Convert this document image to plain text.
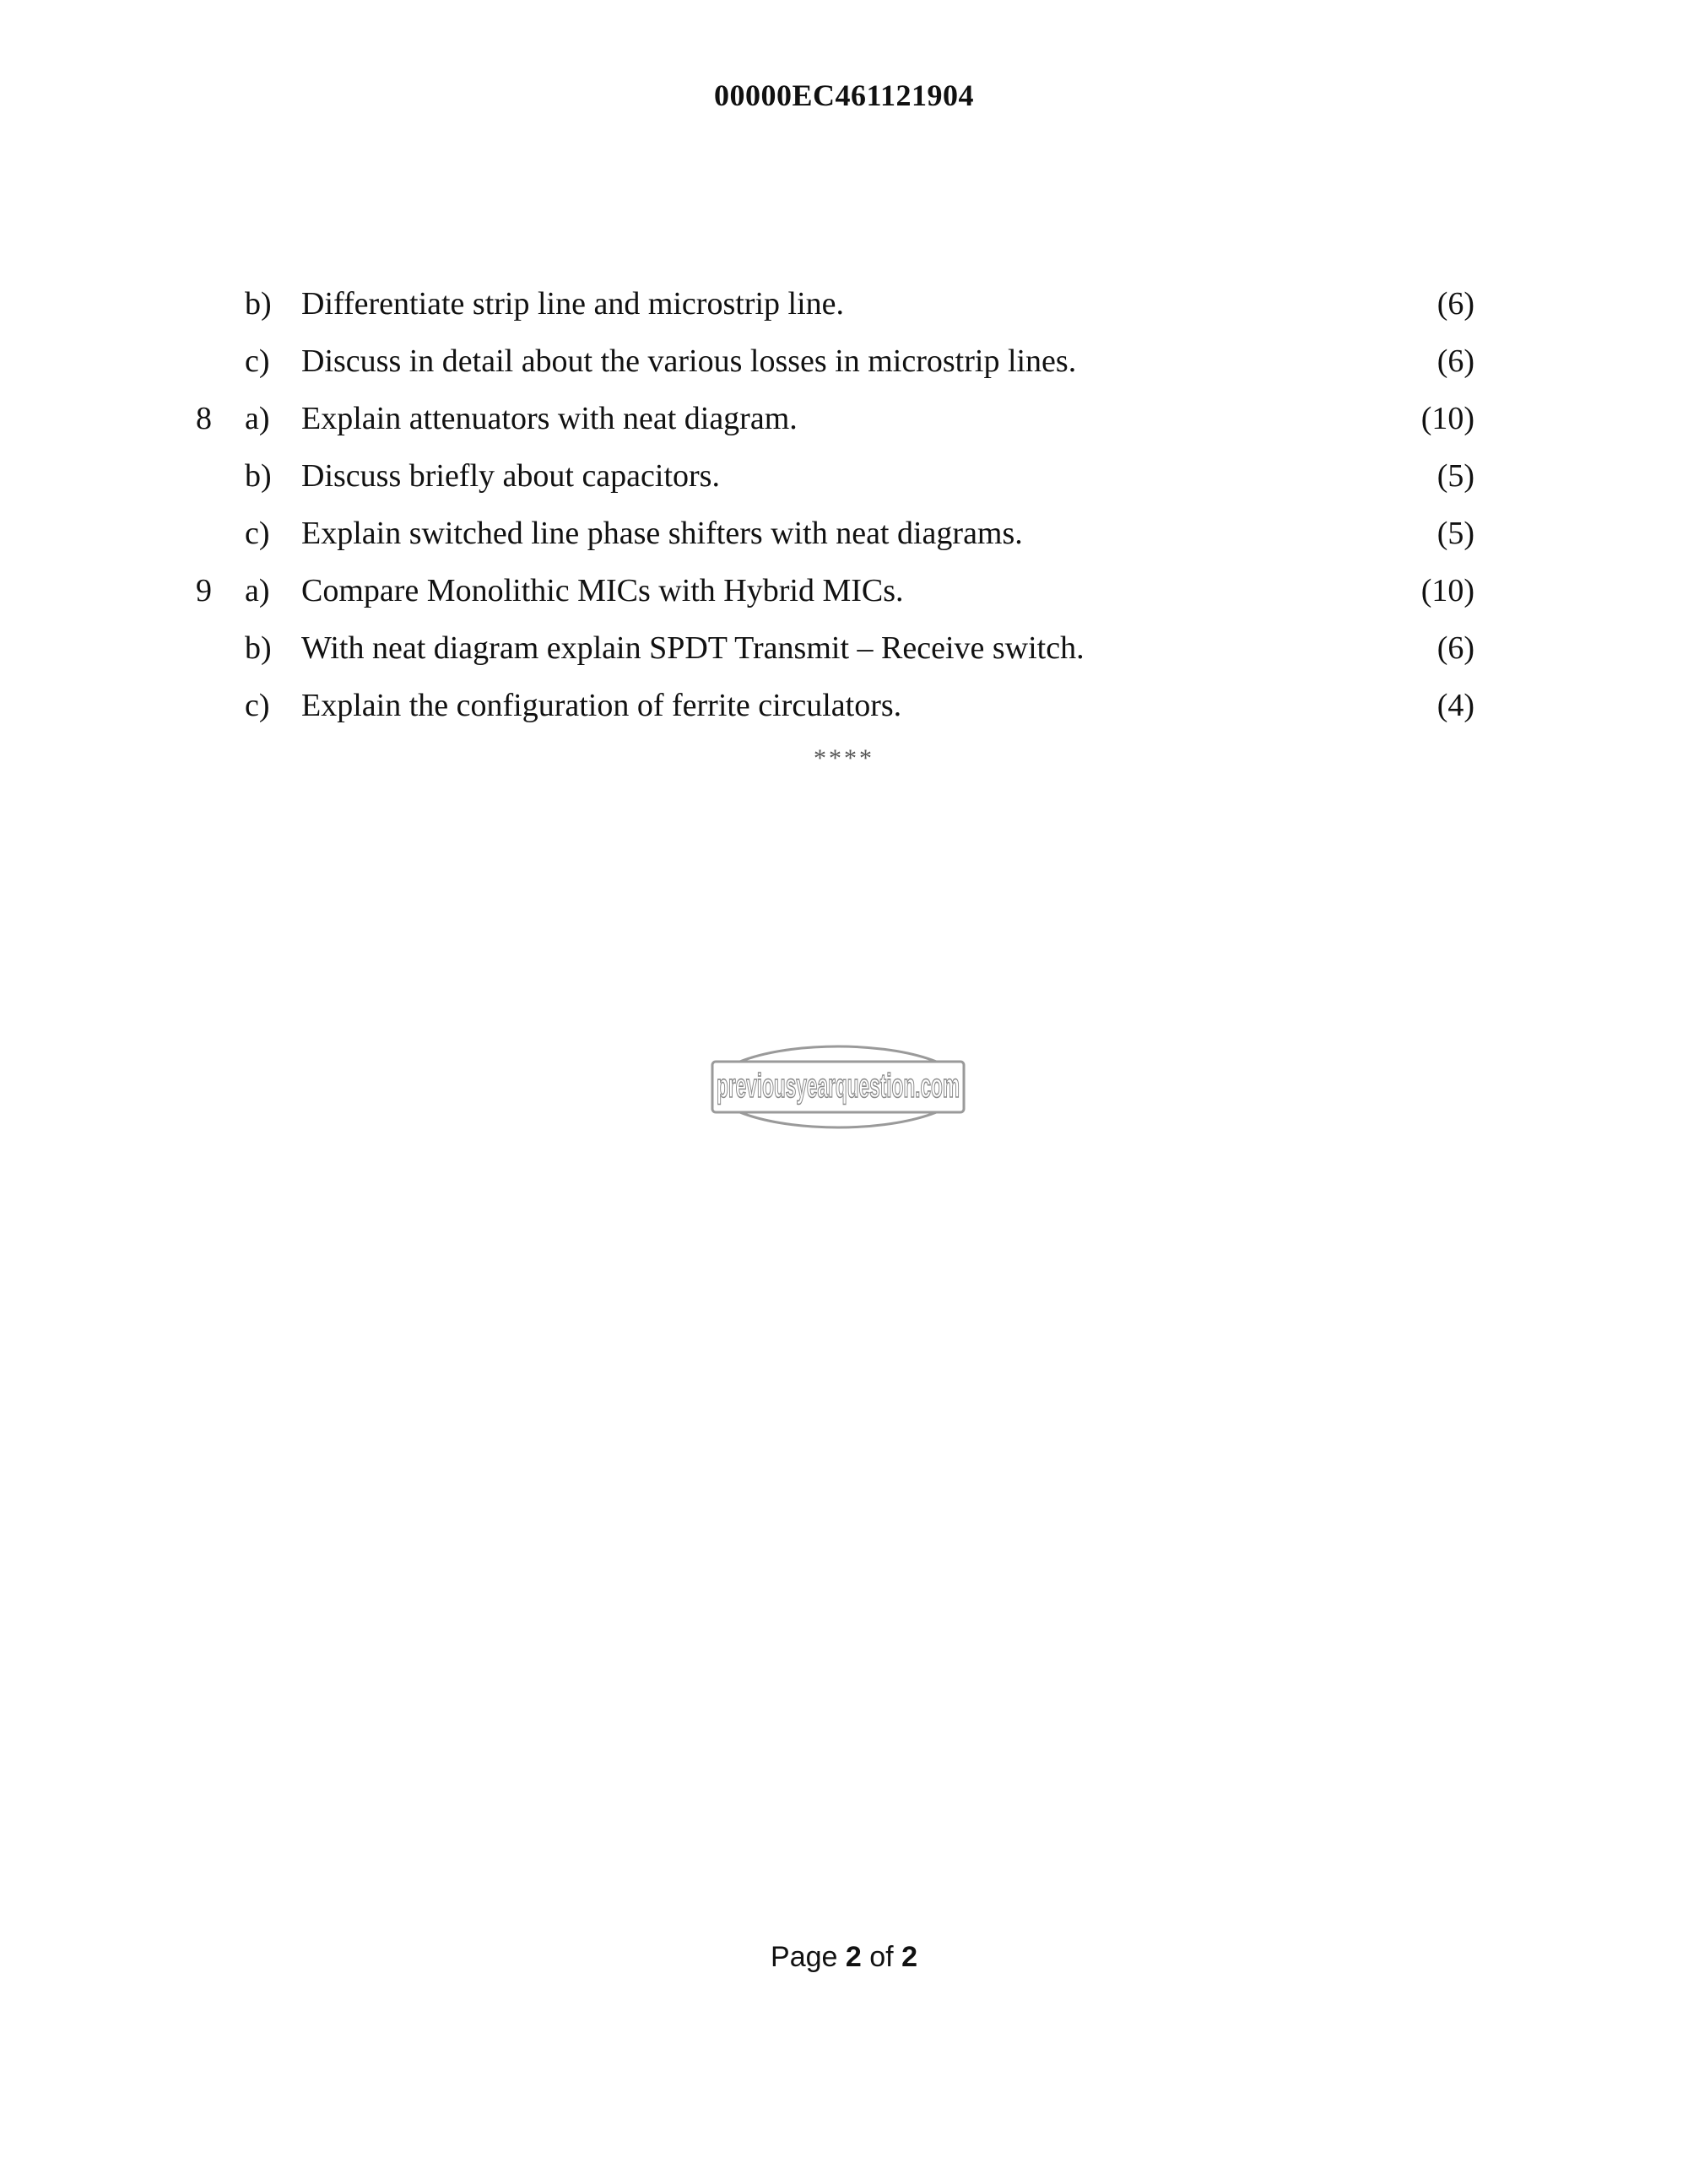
00000EC461121904
b) Differentiate strip line and microstrip line.	(6)
c) Discuss in detail about the various losses in microstrip lines.	(6)
8 a) Explain attenuators with neat diagram.	(10)
b) Discuss briefly about capacitors.	(5)
c) Explain switched line phase shifters with neat diagrams.	(5)
9 a) Compare Monolithic MICs with Hybrid MICs.	(10)
b) With neat diagram explain SPDT Transmit – Receive switch.	(6)
c) Explain the configuration of ferrite circulators.	(4)
****
previousyearquestion.com
Page 2 of 2
